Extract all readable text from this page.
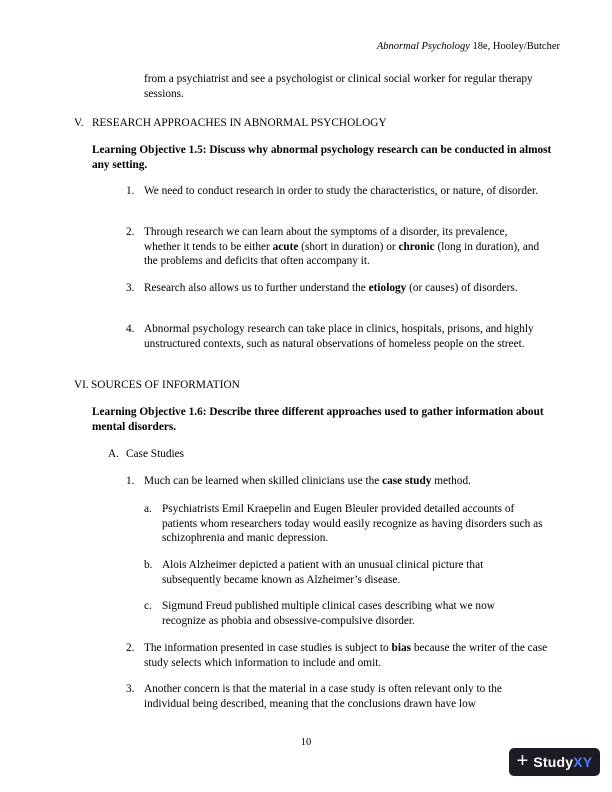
Abnormal Psychology 18e, Hooley/Butcher
from a psychiatrist and see a psychologist or clinical social worker for regular therapy sessions.
V. RESEARCH APPROACHES IN ABNORMAL PSYCHOLOGY
Learning Objective 1.5: Discuss why abnormal psychology research can be conducted in almost any setting.
1. We need to conduct research in order to study the characteristics, or nature, of disorder.
2. Through research we can learn about the symptoms of a disorder, its prevalence, whether it tends to be either acute (short in duration) or chronic (long in duration), and the problems and deficits that often accompany it.
3. Research also allows us to further understand the etiology (or causes) of disorders.
4. Abnormal psychology research can take place in clinics, hospitals, prisons, and highly unstructured contexts, such as natural observations of homeless people on the street.
VI. SOURCES OF INFORMATION
Learning Objective 1.6: Describe three different approaches used to gather information about mental disorders.
A. Case Studies
1. Much can be learned when skilled clinicians use the case study method.
a. Psychiatrists Emil Kraepelin and Eugen Bleuler provided detailed accounts of patients whom researchers today would easily recognize as having disorders such as schizophrenia and manic depression.
b. Alois Alzheimer depicted a patient with an unusual clinical picture that subsequently became known as Alzheimer’s disease.
c. Sigmund Freud published multiple clinical cases describing what we now recognize as phobia and obsessive-compulsive disorder.
2. The information presented in case studies is subject to bias because the writer of the case study selects which information to include and omit.
3. Another concern is that the material in a case study is often relevant only to the individual being described, meaning that the conclusions drawn have low
10
+ StudyXY
